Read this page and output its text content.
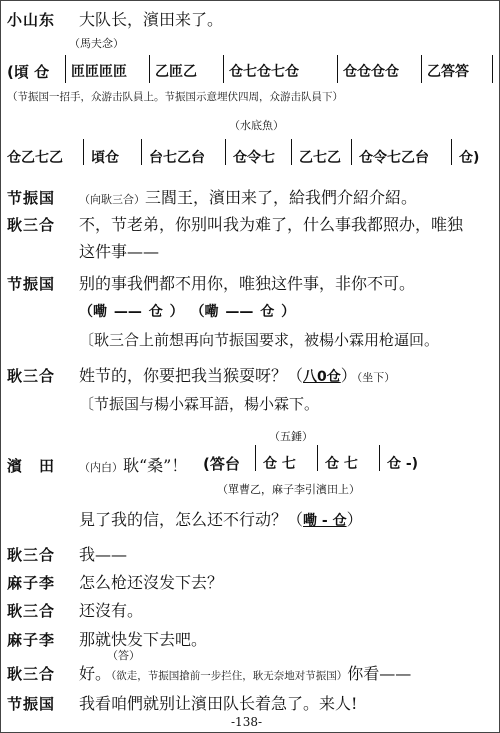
小山东 大队长，濱田来了。
（馬夫念）
(頃 仓 匝匝匝匝 乙匝乙 仓七仓七仓	仓仓仓仓 乙答答
（节振国一招手，众游击队員上。节振国示意埋伏四周，众游击队員下）
（水底魚）
仓乙七乙 頃仓 台七乙台 仓令七 乙七乙 仓令七乙台 仓)
节振国 （向耿三合）三閻王，濱田来了，給我們介紹介紹。
耿三合 不，节老弟，你别叫我为难了，什么事我都照办，唯独
这件事——
节振国 别的事我們都不用你，唯独这件事，非你不可。
（嘞 —— 仓 ） （嘞 —— 仓 ）
〔耿三合上前想再向节振国要求，被楊小霖用枪逼回。
耿三合 姓节的，你要把我当猴耍呀？（八0仓）（坐下）
〔节振国与楊小霖耳語，楊小霖下。
（五錘）
濱　田 （内白）耿“桑”！ (答台 仓 七 仓 七 仓 -)
（單曹乙，麻子李引濱田上）
見了我的信，怎么还不行动？（嘞 - 仓）
耿三合 我——
麻子李 怎么枪还沒发下去？
耿三合 还沒有。
麻子李 那就快发下去吧。
（答）
耿三合 好。（欲走，节振国搶前一步拦住，耿无奈地对节振国）你看——
节振国 我看咱們就别让濱田队长着急了。来人!
-138-
